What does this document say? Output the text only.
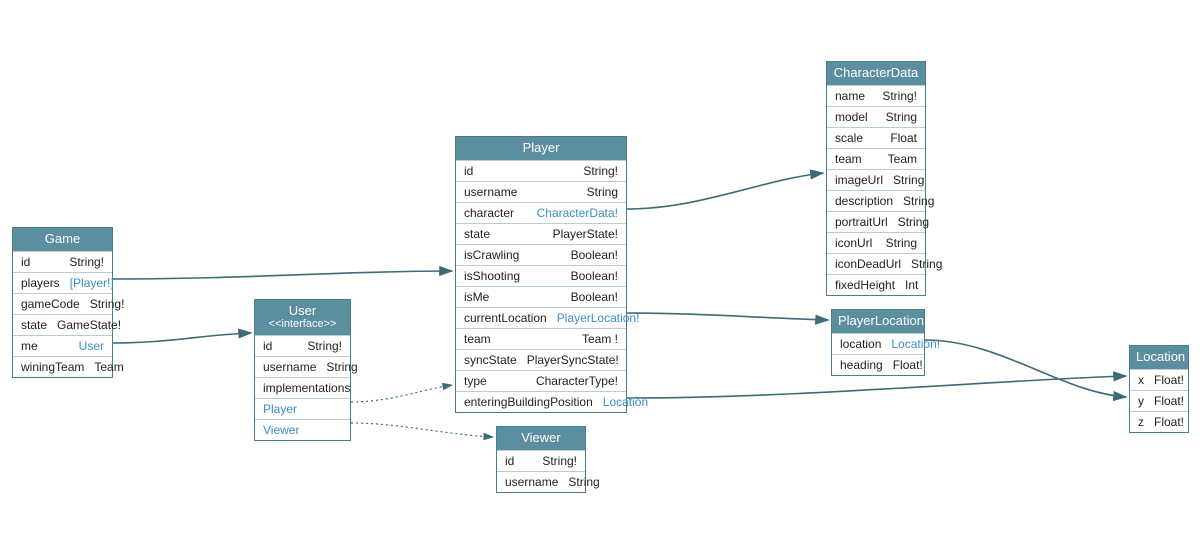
Game
id	String!
players [Player!]
gameCode String!
state GameState!
me	User
winingTeam Team
User
<<interface>>
id	String!
username String
implementations
Player
Viewer
Player
id	String!
username	String
character	CharacterData!
state	PlayerState!
isCrawling	Boolean!
isShooting	Boolean!
isMe	Boolean!
currentLocation PlayerLocation!
team	Team !
syncState PlayerSyncState!
type	CharacterType!
enteringBuildingPosition Location
Viewer
id	String!
username String
CharacterData
name	String!
model	String
scale	Float
team	Team
imageUrl String
description String
portraitUrl String
iconUrl	String
iconDeadUrl String
fixedHeight Int
PlayerLocation
location Location!
heading Float!
Location
x Float!
y Float!
z Float!
